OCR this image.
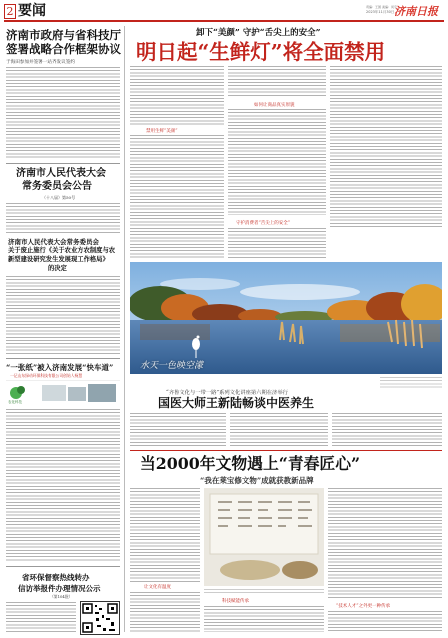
2 要闻	责编：王国 美编：何宇
2023年11月30日 济南日报
济南市政府与省科技厅
签署战略合作框架协议
于海田参加并签署一站齐发议签约
济南市人民代表大会
常务委员会公告
（十八届）第50号
济南市人民代表大会常务委员会
关于废止施行《关于农业方农制度与农
新型建设研究发生发展现工作格局》
的决定
“一张纸”被入济南发展“快车道”
一记山东绿动环保科技有限公司创始人杨慧
农化科技
省环保督察热线转办
信访举报件办理情况公示
（第104批）
卸下“美颜” 守护“舌尖上的安全”
明日起“生鲜灯”将全面禁用
禁用生鲜“美颜”
如何让商品真实原貌
守护消费者“舌尖上的安全”
水天一色映空濛
“齐鲁文化与一带一路”系列文化讲座第六期在济举行
国医大师王新陆畅谈中医养生
当2000年文物遇上“青春匠心”
“我在莱宝修文物”成就获教新品牌
让文化有温度
科技赋能传承
“技术人才”之外更一种传承
